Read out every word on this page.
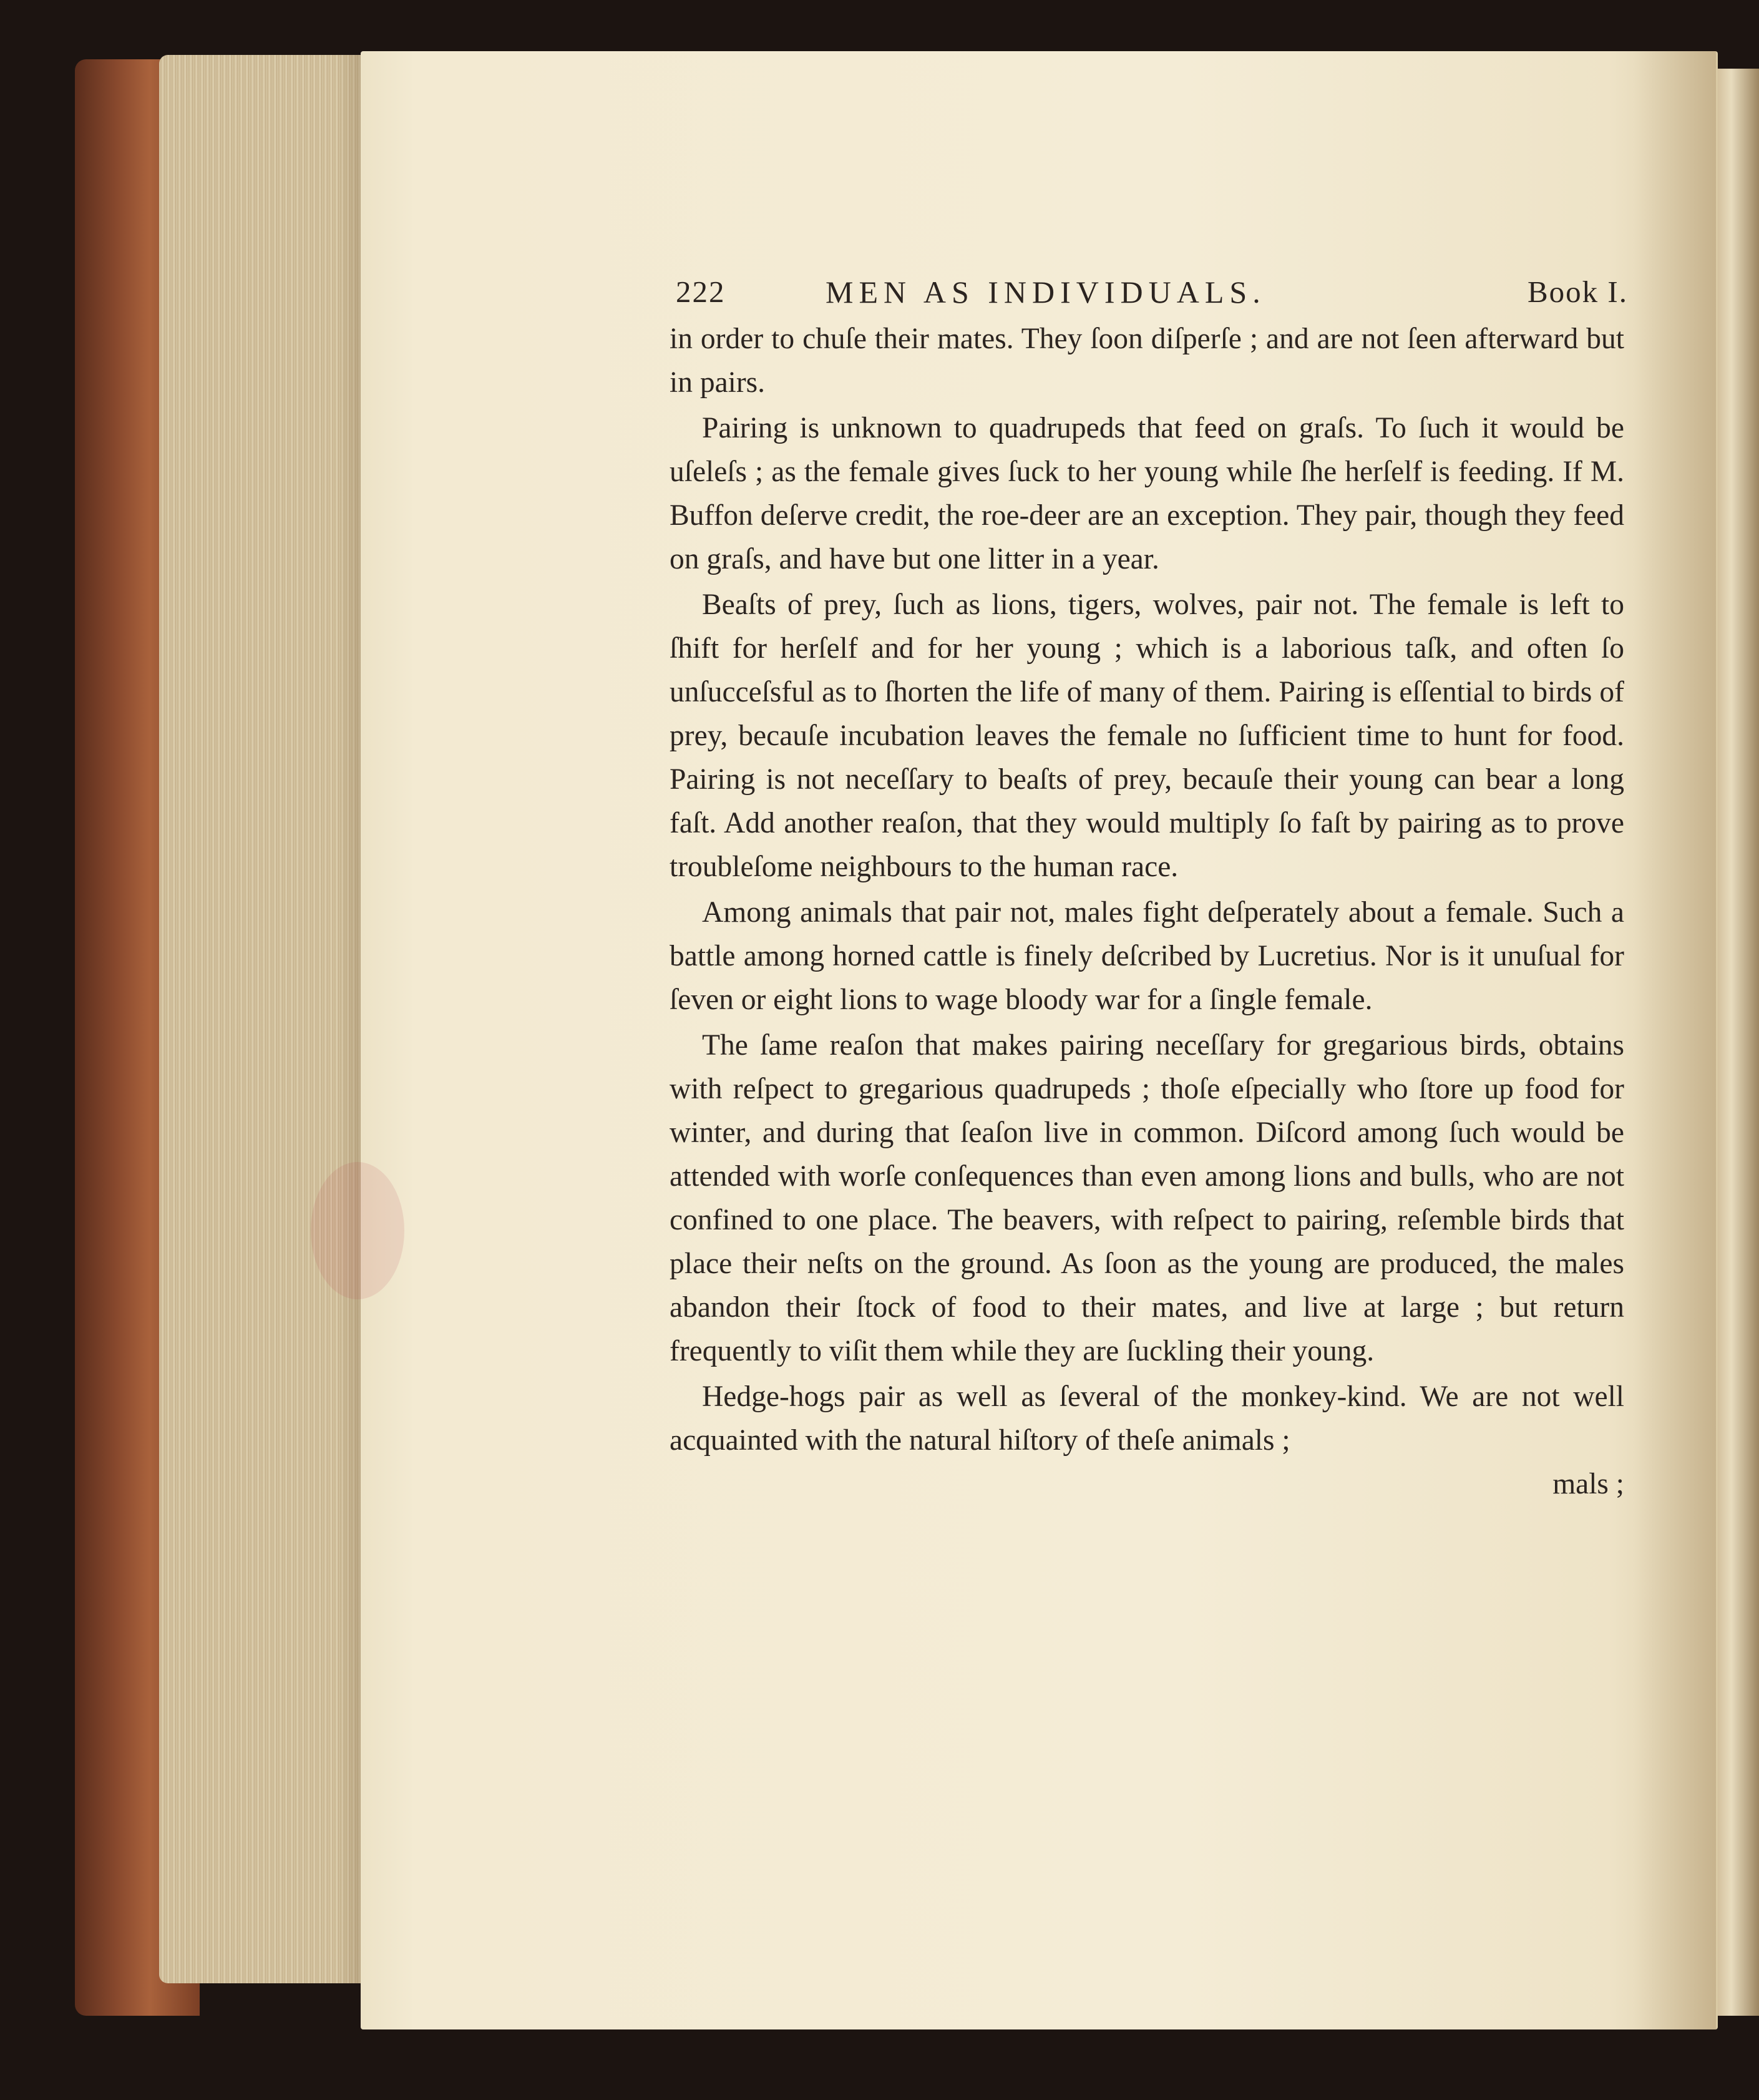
222	MEN AS INDIVIDUALS.	Book I.

in order to chuſe their mates. They ſoon diſperſe ; and are not ſeen afterward but in pairs.

Pairing is unknown to quadrupeds that feed on graſs. To ſuch it would be uſeleſs ; as the female gives ſuck to her young while ſhe herſelf is feeding. If M. Buffon deſerve credit, the roe-deer are an exception. They pair, though they feed on graſs, and have but one litter in a year.

Beaſts of prey, ſuch as lions, tigers, wolves, pair not. The female is left to ſhift for herſelf and for her young ; which is a laborious taſk, and often ſo unſucceſsful as to ſhorten the life of many of them. Pairing is eſſential to birds of prey, becauſe incubation leaves the female no ſufficient time to hunt for food. Pairing is not neceſſary to beaſts of prey, becauſe their young can bear a long faſt. Add another reaſon, that they would multiply ſo faſt by pairing as to prove troubleſome neighbours to the human race.

Among animals that pair not, males fight deſperately about a female. Such a battle among horned cattle is finely deſcribed by Lucretius. Nor is it unuſual for ſeven or eight lions to wage bloody war for a ſingle female.

The ſame reaſon that makes pairing neceſſary for gregarious birds, obtains with reſpect to gregarious quadrupeds ; thoſe eſpecially who ſtore up food for winter, and during that ſeaſon live in common. Diſcord among ſuch would be attended with worſe conſequences than even among lions and bulls, who are not confined to one place. The beavers, with reſpect to pairing, reſemble birds that place their neſts on the ground. As ſoon as the young are produced, the males abandon their ſtock of food to their mates, and live at large ; but return frequently to viſit them while they are ſuckling their young.

Hedge-hogs pair as well as ſeveral of the monkey-kind. We are not well acquainted with the natural hiſtory of theſe animals ;

mals ;
